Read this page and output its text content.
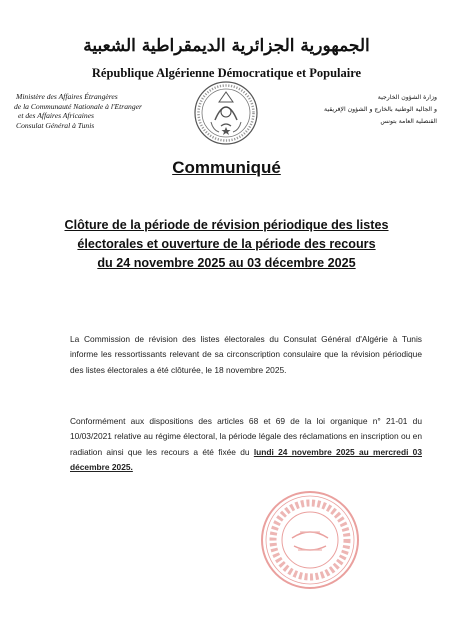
الجمهورية الجزائرية الديمقراطية الشعبية
République Algérienne Démocratique et Populaire
Ministère des Affaires Étrangères
de la Communauté Nationale à l'Etranger
et des Affaires Africaines
Consulat Général à Tunis
وزارة الشؤون الخارجية
و الجالية الوطنية بالخارج و الشؤون الإفريقية
القنصلية العامة بتونس
Communiqué
Clôture de la période de révision périodique des listes électorales et ouverture de la période des recours
du 24 novembre 2025 au 03 décembre 2025
La Commission de révision des listes électorales du Consulat Général d'Algérie à Tunis informe les ressortissants relevant de sa circonscription consulaire que la révision périodique des listes électorales a été clôturée, le 18 novembre 2025.
Conformément aux dispositions des articles 68 et 69 de la loi organique n° 21-01 du 10/03/2021 relative au régime électoral, la période légale des réclamations en inscription ou en radiation ainsi que les recours a été fixée du lundi 24 novembre 2025 au mercredi 03 décembre 2025.
